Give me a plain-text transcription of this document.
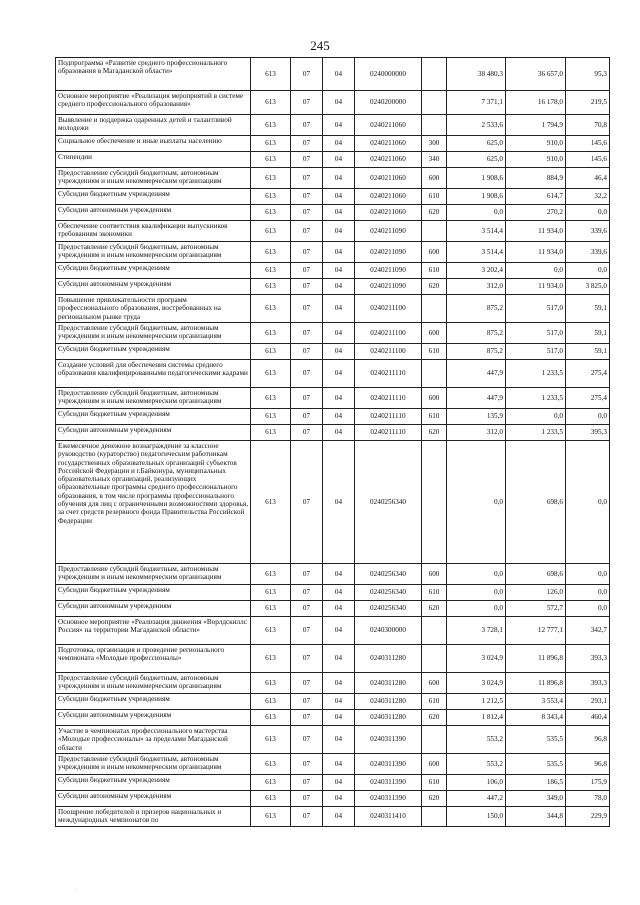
245
Подпрограмма «Развитие среднего профессионального образования в Магаданской области»	613	07	04	0240000000		38 480,3	36 657,0	95,3
Основное мероприятие «Реализация мероприятий в системе среднего профессионального образования»	613	07	04	0240200000		7 371,1	16 178,0	219,5
Выявление и поддержка одаренных детей и талантливой молодежи	613	07	04	0240211060		2 533,6	1 794,9	70,8
Социальное обеспечение и иные выплаты населению	613	07	04	0240211060	300	625,0	910,0	145,6
Стипендии	613	07	04	0240211060	340	625,0	910,0	145,6
Предоставление субсидий бюджетным, автономным учреждениям и иным некоммерческим организациям	613	07	04	0240211060	600	1 908,6	884,9	46,4
Субсидии бюджетным учреждениям	613	07	04	0240211060	610	1 908,6	614,7	32,2
Субсидии автономным учреждениям	613	07	04	0240211060	620	0,0	270,2	0,0
Обеспечение соответствия квалификации выпускников требованиям экономики	613	07	04	0240211090		3 514,4	11 934,0	339,6
Предоставление субсидий бюджетным, автономным учреждениям и иным некоммерческим организациям	613	07	04	0240211090	600	3 514,4	11 934,0	339,6
Субсидии бюджетным учреждениям	613	07	04	0240211090	610	3 202,4	0,0	0,0
Субсидии автономным учреждениям	613	07	04	0240211090	620	312,0	11 934,0	3 825,0
Повышение привлекательности программ профессионального образования, востребованных на региональном рынке труда	613	07	04	0240211100		875,2	517,0	59,1
Предоставление субсидий бюджетным, автономным учреждениям и иным некоммерческим организациям	613	07	04	0240211100	600	875,2	517,0	59,1
Субсидии бюджетным учреждениям	613	07	04	0240211100	610	875,2	517,0	59,1
Создание условий для обеспечения системы среднего образования квалифицированными педагогическими кадрами	613	07	04	0240211110		447,9	1 233,5	275,4
Предоставление субсидий бюджетным, автономным учреждениям и иным некоммерческим организациям	613	07	04	0240211110	600	447,9	1 233,5	275,4
Субсидии бюджетным учреждениям	613	07	04	0240211110	610	135,9	0,0	0,0
Субсидии автономным учреждениям	613	07	04	0240211110	620	312,0	1 233,5	395,3
Ежемесячное денежное вознаграждение за классное руководство (кураторство) педагогическим работникам государственных образовательных организаций субъектов Российской Федерации и г.Байконура, муниципальных образовательных организаций, реализующих образовательные программы среднего профессионального образования, в том числе программы профессионального обучения для лиц с ограниченными возможностями здоровья, за счет средств резервного фонда Правительства Российской Федерации	613	07	04	0240256340		0,0	698,6	0,0
Предоставление субсидий бюджетным, автономным учреждениям и иным некоммерческим организациям	613	07	04	0240256340	600	0,0	698,6	0,0
Субсидии бюджетным учреждениям	613	07	04	0240256340	610	0,0	126,0	0,0
Субсидии автономным учреждениям	613	07	04	0240256340	620	0,0	572,7	0,0
Основное мероприятие «Реализация движения «Ворлдскиллс Россия» на территории Магаданской области»	613	07	04	0240300000		3 728,1	12 777,1	342,7
Подготовка, организация и проведение регионального чемпионата «Молодые профессионалы»	613	07	04	0240311280		3 024,9	11 896,8	393,3
Предоставление субсидий бюджетным, автономным учреждениям и иным некоммерческим организациям	613	07	04	0240311280	600	3 024,9	11 896,8	393,3
Субсидии бюджетным учреждениям	613	07	04	0240311280	610	1 212,5	3 553,4	293,1
Субсидии автономным учреждениям	613	07	04	0240311280	620	1 812,4	8 343,4	460,4
Участие в чемпионатах профессионального мастерства «Молодые профессионалы» за пределами Магаданской области	613	07	04	0240311390		553,2	535,5	96,8
Предоставление субсидий бюджетным, автономным учреждениям и иным некоммерческим организациям	613	07	04	0240311390	600	553,2	535,5	96,8
Субсидии бюджетным учреждениям	613	07	04	0240311390	610	106,0	186,5	175,9
Субсидии автономным учреждениям	613	07	04	0240311390	620	447,2	349,0	78,0
Поощрение победителей и призеров национальных и международных чемпионатов по	613	07	04	0240311410		150,0	344,8	229,9
.
